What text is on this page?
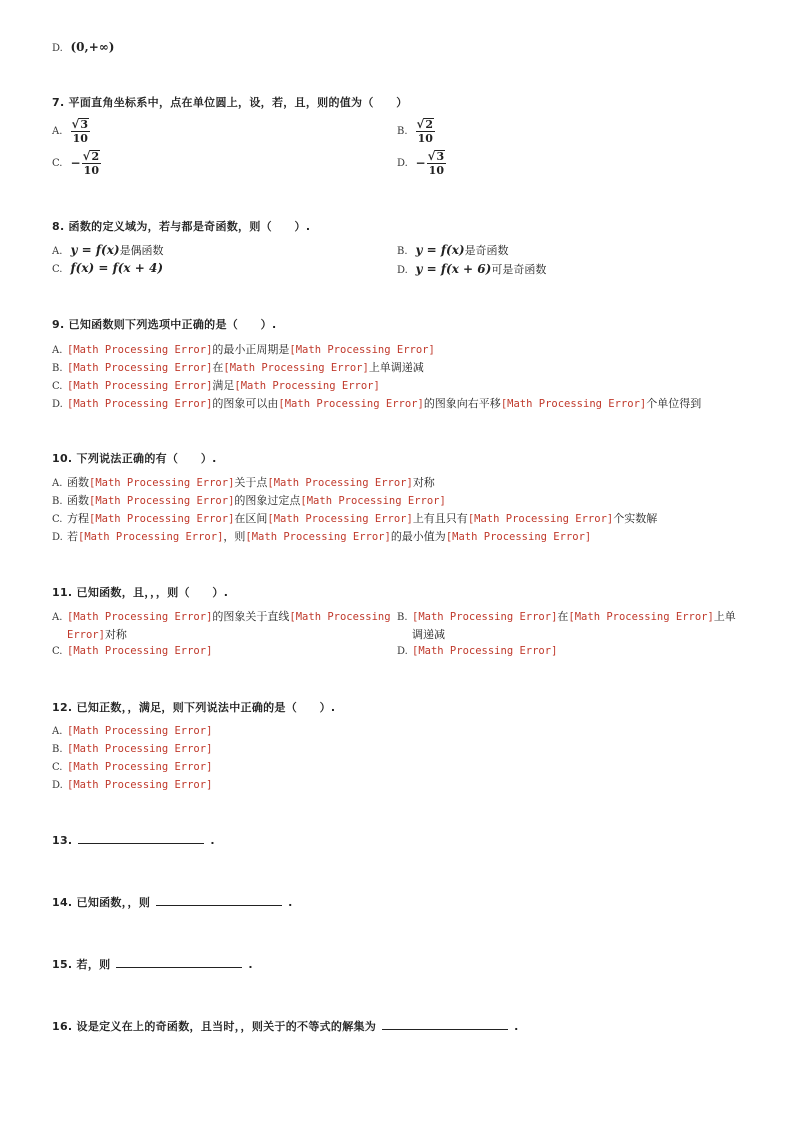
D. (0,+∞)
7. 平面直角坐标系中，点在单位圆上，设，若，且，则的值为（　　）
A. $\frac{√ 3}{10}$	B. $\frac{√ 2}{10}$
C. − $\frac{√ 2}{10}$	D. − $\frac{√ 3}{10}$
8. 函数的定义域为，若与都是奇函数，则（　　）.
A. y = f(x)是偶函数	B. y = f(x)是奇函数
C. f(x) = f(x + 4)	D. y = f(x + 6)可是奇函数
9. 已知函数则下列选项中正确的是（　　）.
A. [Math Processing Error]的最小正周期是[Math Processing Error]
B. [Math Processing Error]在[Math Processing Error]上单调递减
C. [Math Processing Error]满足[Math Processing Error]
D. [Math Processing Error]的图象可以由[Math Processing Error]的图象向右平移[Math Processing Error]个单位得到
10. 下列说法正确的有（　　）.
A. 函数[Math Processing Error]关于点[Math Processing Error]对称
B. 函数[Math Processing Error]的图象过定点[Math Processing Error]
C. 方程[Math Processing Error]在区间[Math Processing Error]上有且只有[Math Processing Error]个实数解
D. 若[Math Processing Error]，则[Math Processing Error]的最小值为[Math Processing Error]
11. 已知函数，且，，，则（　　）.
A. [Math Processing Error]的图象关于直线[Math Processing
Error]对称
B. [Math Processing Error]在[Math Processing Error]上单
调递减
C. [Math Processing Error]	D. [Math Processing Error]
12. 已知正数，，满足，则下列说法中正确的是（　　）.
A. [Math Processing Error]
B. [Math Processing Error]
C. [Math Processing Error]
D. [Math Processing Error]
13.	.
14. 已知函数，，则	.
15. 若，则	.
16. 设是定义在上的奇函数，且当时，，则关于的不等式的解集为	.
